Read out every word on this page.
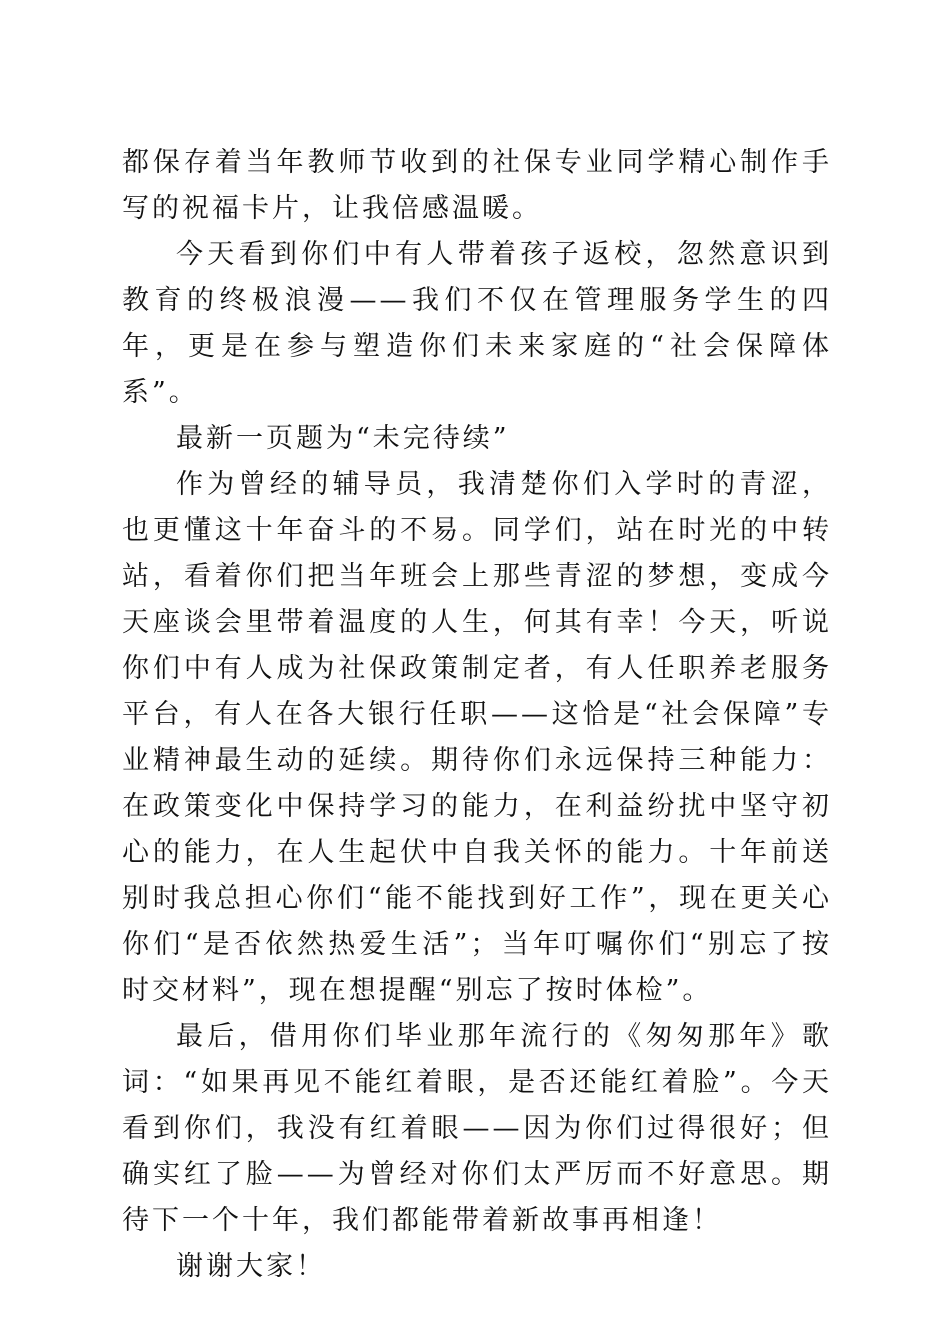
都保存着当年教师节收到的社保专业同学精心制作手写的祝福卡片，让我倍感温暖。

今天看到你们中有人带着孩子返校，忽然意识到教育的终极浪漫——我们不仅在管理服务学生的四年，更是在参与塑造你们未来家庭的“社会保障体系”。

最新一页题为“未完待续”

作为曾经的辅导员，我清楚你们入学时的青涩，也更懂这十年奋斗的不易。同学们，站在时光的中转站，看着你们把当年班会上那些青涩的梦想，变成今天座谈会里带着温度的人生，何其有幸！今天，听说你们中有人成为社保政策制定者，有人任职养老服务平台，有人在各大银行任职——这恰是“社会保障”专业精神最生动的延续。期待你们永远保持三种能力：在政策变化中保持学习的能力，在利益纷扰中坚守初心的能力，在人生起伏中自我关怀的能力。十年前送别时我总担心你们“能不能找到好工作”，现在更关心你们“是否依然热爱生活”；当年叮嘱你们“别忘了按时交材料”，现在想提醒“别忘了按时体检”。

最后，借用你们毕业那年流行的《匆匆那年》歌词：“如果再见不能红着眼，是否还能红着脸”。今天看到你们，我没有红着眼——因为你们过得很好；但确实红了脸——为曾经对你们太严厉而不好意思。期待下一个十年，我们都能带着新故事再相逢！

谢谢大家！
